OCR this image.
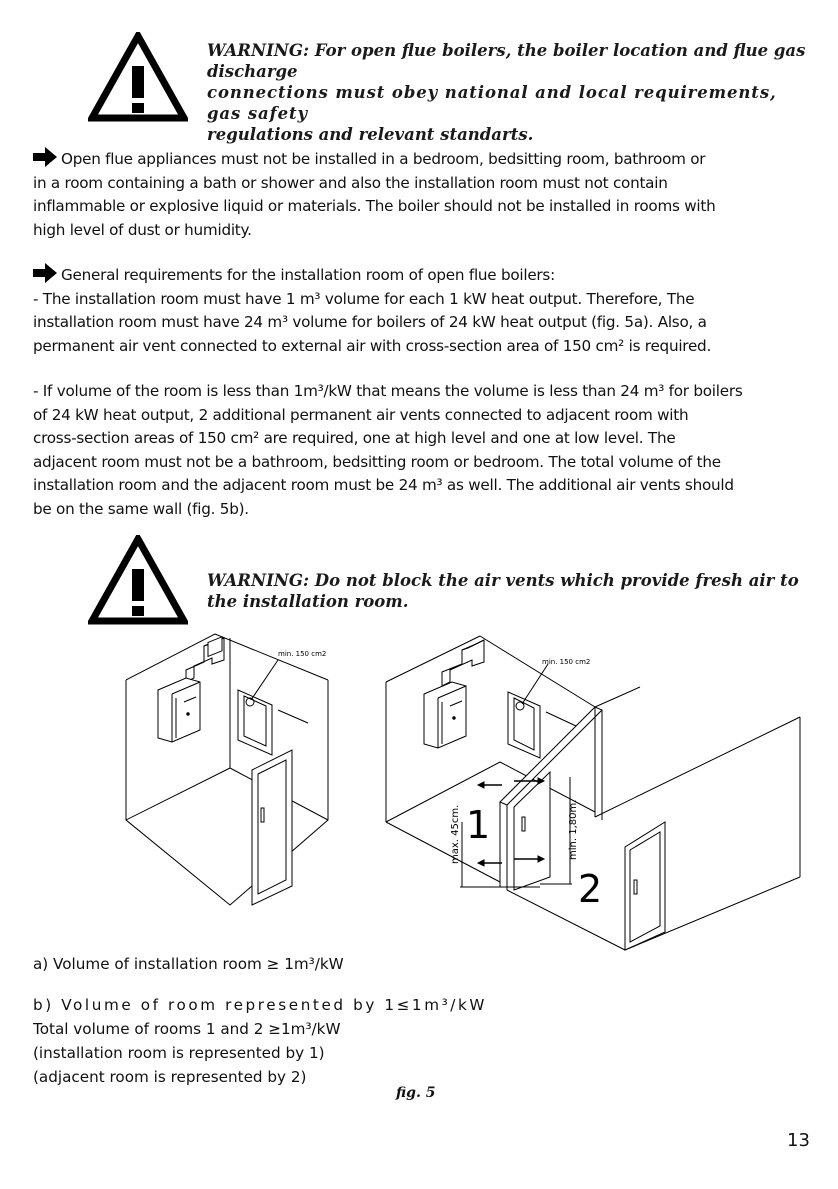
WARNING: For open flue boilers, the boiler location and flue gas discharge
connections must obey national and local requirements, gas safety
regulations and relevant standarts.

Open flue appliances must not be installed in a bedroom, bedsitting room, bathroom or

in a room containing a bath or shower and also the installation room must not contain

inflammable or explosive liquid or materials. The boiler should not be installed in rooms with

high level of dust or humidity.

General requirements for the installation room of open flue boilers:

- The installation room must have 1 m³ volume for each 1 kW heat output. Therefore, The

installation room must have 24 m³ volume for boilers of 24 kW heat output (fig. 5a). Also, a

permanent air vent connected to external air with cross-section area of 150 cm² is required.

- If volume of the room is less than 1m³/kW that means the volume is less than 24 m³ for boilers

of 24 kW heat output, 2 additional permanent air vents connected to adjacent room with

cross-section areas of 150 cm² are required, one at high level and one at low level. The

adjacent room must not be a bathroom, bedsitting room or bedroom. The total volume of the

installation room and the adjacent room must be 24 m³ as well. The additional air vents should

be on the same wall (fig. 5b).

WARNING: Do not block the air vents which provide fresh air to
the installation room.
min. 150 cm2
max. 45cm.	min. 1,80m.
1
2
min. 150 cm2

a) Volume of installation room ≥ 1m³/kW

b) Volume of room represented by 1≤1m³/kW

Total volume of rooms 1 and 2 ≥1m³/kW

(installation room is represented by 1)

(adjacent room is represented by 2)

fig. 5
13
